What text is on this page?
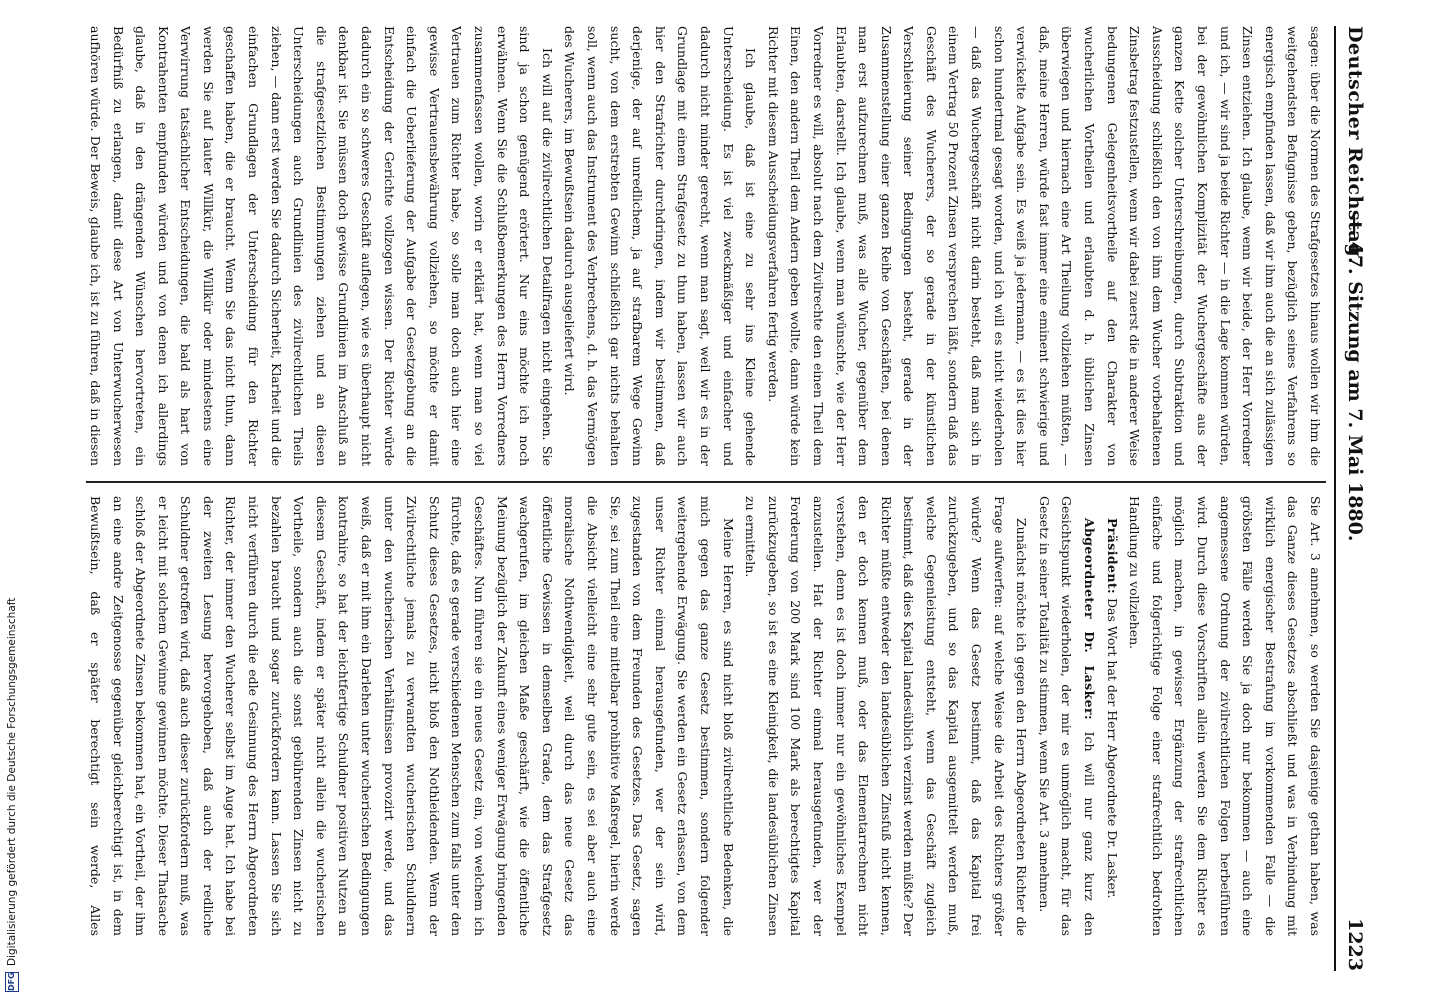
Deutscher Reichstag.
— 47. Sitzung am 7. Mai 1880.
1223

sagen: über die Normen des Strafgesetzes hinaus wollen wir ihm die weitgehendsten Befugnisse geben, bezüglich seines Verfahrens so energisch empfinden lassen, daß wir ihm auch die an sich zulässigen Zinsen entziehen. Ich glaube, wenn wir beide, der Herr Vorredner und ich, — wir sind ja beide Richter — in die Lage kommen würden, bei der gewöhnlichen Komplizität der Wuchergeschäfte aus der ganzen Kette solcher Unterschreibungen, durch Subtraktion und Ausscheidung schließlich den von ihm dem Wucher vorbehaltenen Zinsbetrag festzustellen, wenn wir dabei zuerst die in anderer Weise bedungenen Gelegenheitsvortheile auf den Charakter von wucherlichen Vortheilen und erlaubten d. h. üblichen Zinsen überwiegen und hiernach eine Art Theilung vollziehen müßten, — daß, meine Herren, würde fast immer eine eminent schwierige und verwickelte Aufgabe sein. Es weiß ja jedermann, — es ist dies hier schon hundertmal gesagt worden, und ich will es nicht wiederholen — daß das Wuchergeschäft nicht darin besteht, daß man sich in einem Vertrag 50 Prozent Zinsen versprechen läßt, sondern daß das Geschäft des Wucherers, der so gerade in der künstlichen Verschleierung seiner Bedingungen besteht, gerade in der Zusammenstellung einer ganzen Reihe von Geschäften, bei denen man erst aufzurechnen muß, was alle Wucher, gegenüber dem Erlaubten, darstellt. Ich glaube, wenn man wünschte, wie der Herr Vorredner es will, absolut nach dem Zivilrechte den einen Theil dem Einen, den andern Theil dem Andern geben wollte, dann würde kein Richter mit diesem Ausscheidungsverfahren fertig werden.

Ich glaube, daß ist eine zu sehr ins Kleine gehende Unterscheidung. Es ist viel zweckmäßiger und einfacher und dadurch nicht minder gerecht, wenn man sagt, weil wir es in der Grundlage mit einem Strafgesetz zu thun haben, lassen wir auch hier den Strafrichter durchdringen, indem wir bestimmen, daß derjenige, der auf unredlichem, ja auf strafbarem Wege Gewinn sucht, von dem erstrebten Gewinn schließlich gar nichts behalten soll, wenn auch das Instrument des Verbrechens, d. h. das Vermögen des Wucherers, im Bewußtsein dadurch ausgeliefert wird.

Ich will auf die zivilrechtlichen Detailfragen nicht eingehen. Sie sind ja schon genügend erörtert. Nur eins möchte ich noch erwähnen. Wenn Sie die Schlußbemerkungen des Herrn Vorredners zusammenfassen wollen, worin er erklärt hat, wenn man so viel Vertrauen zum Richter habe, so solle man doch auch hier eine gewisse Vertrauensbewährung vollziehen, so möchte er damit einfach die Ueberlieferung der Aufgabe der Gesetzgebung an die Entscheidung der Gerichte vollzogen wissen. Der Richter würde dadurch ein so schweres Geschäft auflegen, wie es überhaupt nicht denkbar ist. Sie müssen doch gewisse Grundlinien im Anschluß an die strafgesetzlichen Bestimmungen ziehen und an diesen Unterscheidungen auch Grundlinien des zivilrechtlichen Theils ziehen, — dann erst werden Sie dadurch Sicherheit, Klarheit und die einfachen Grundlagen der Unterscheidung für den Richter geschaffen haben, die er braucht. Wenn Sie das nicht thun, dann werden Sie auf lauter Willkür, die Willkür oder mindestens eine Verwirrung tatsächlicher Entscheidungen, die bald als hart von Kontrahenten empfunden würden und von denen ich allerdings glaube, daß in den drängenden Wünschen hervortreten, ein Bedürfniß zu erlangen, damit diese Art von Unterwucherwesen aufhören würde. Der Beweis, glaube ich, ist zu führen, daß in diesen

Sie Art. 3 annehmen, so werden Sie dasjenige gethan haben, was das Ganze dieses Gesetzes abschließt und was in Verbindung mit wirklich energischer Bestrafung im vorkommenden Falle — die gröbsten Fälle werden Sie ja doch nur bekommen — auch eine angemessene Ordnung der zivilrechtlichen Folgen herbeiführen wird. Durch diese Vorschriften allein werden Sie dem Richter es möglich machen, in gewisser Ergänzung der strafrechtlichen einfache und folgerichtige Folge einer strafrechtlich bedrohten Handlung zu vollziehen.

Präsident: Das Wort hat der Herr Abgeordnete Dr. Lasker.

Abgeordneter Dr. Lasker: Ich will nur ganz kurz den Gesichtspunkt wiederholen, der mir es unmöglich macht, für das Gesetz in seiner Totalität zu stimmen, wenn Sie Art. 3 annehmen.

Zunächst möchte ich gegen den Herrn Abgeordneten Richter die Frage aufwerfen: auf welche Weise die Arbeit des Richters größer würde? Wenn das Gesetz bestimmt, daß das Kapital frei zurückzugeben, und so das Kapital ausgemittelt werden muß, welche Gegenleistung entsteht, wenn das Geschäft zugleich bestimmt, daß dies Kapital landesüblich verzinst werden müßte? Der Richter müßte entweder den landesüblichen Zinsfuß nicht kennen, den er doch kennen muß, oder das Elementarrechnen nicht verstehen, denn es ist doch immer nur ein gewöhnliches Exempel anzustellen. Hat der Richter einmal herausgefunden, wer der Forderung von 200 Mark sind 100 Mark als berechtigtes Kapital zurückzugeben, so ist es eine Kleinigkeit, die landesüblichen Zinsen zu ermitteln.

Meine Herren, es sind nicht bloß zivilrechtliche Bedenken, die mich gegen das ganze Gesetz bestimmen, sondern folgender weitergehende Erwägung. Sie werden ein Gesetz erlassen, von dem unser Richter einmal herausgefunden, wer der sein wird, zugestanden von dem Freunden des Gesetzes. Das Gesetz, sagen Sie, sei zum Theil eine mittelbar prohibitive Maßregel, hierin werde die Absicht vielleicht eine sehr gute sein, es sei aber auch eine moralische Nothwendigkeit, weil durch das neue Gesetz das öffentliche Gewissen in demselben Grade, dem das Strafgesetz wachgerufen, im gleichen Maße geschärft, wie die öffentliche Meinung bezüglich der Zukunft eines weniger Erwägung bringenden Geschäftes. Nun führen sie ein neues Gesetz ein, von welchem ich fürchte, daß es gerade verschiedenen Menschen zum falls unter den Schutz dieses Gesetzes, nicht bloß den Nothleidenden. Wenn der Zivilrechtliche jemals zu verwandten wucherischen Schuldnern unter den wucherischen Verhältnissen provozirt werde, und das weiß, daß er mit ihm ein Darlehen unter wucherischen Bedingungen kontrahire, so hat der leichtfertige Schuldner positiven Nutzen an diesem Geschäft, indem er später nicht allein die wucherischen Vortheile, sondern auch die sonst gebührenden Zinsen nicht zu bezahlen braucht und sogar zurückfordern kann. Lassen Sie sich nicht verführen durch die edle Gesinnung des Herrn Abgeordneten Richter, der immer den Wucherer selbst im Auge hat. Ich habe bei der zweiten Lesung hervorgehoben, daß auch der redliche Schuldner getroffen wird, daß auch dieser zurückfordern muß, was er leicht mit solchem Gewinne gewinnen möchte. Dieser Thatsache schloß der Abgeordnete Zinsen bekommen hat, ein Vortheil, der ihm an eine andre Zeitgenosse gegenüber gleichberechtigt ist, in dem Bewußtsein, daß er später berechtigt sein werde, Alles

DFG
Digitalisierung gefördert durch die Deutsche Forschungsgemeinschaft
